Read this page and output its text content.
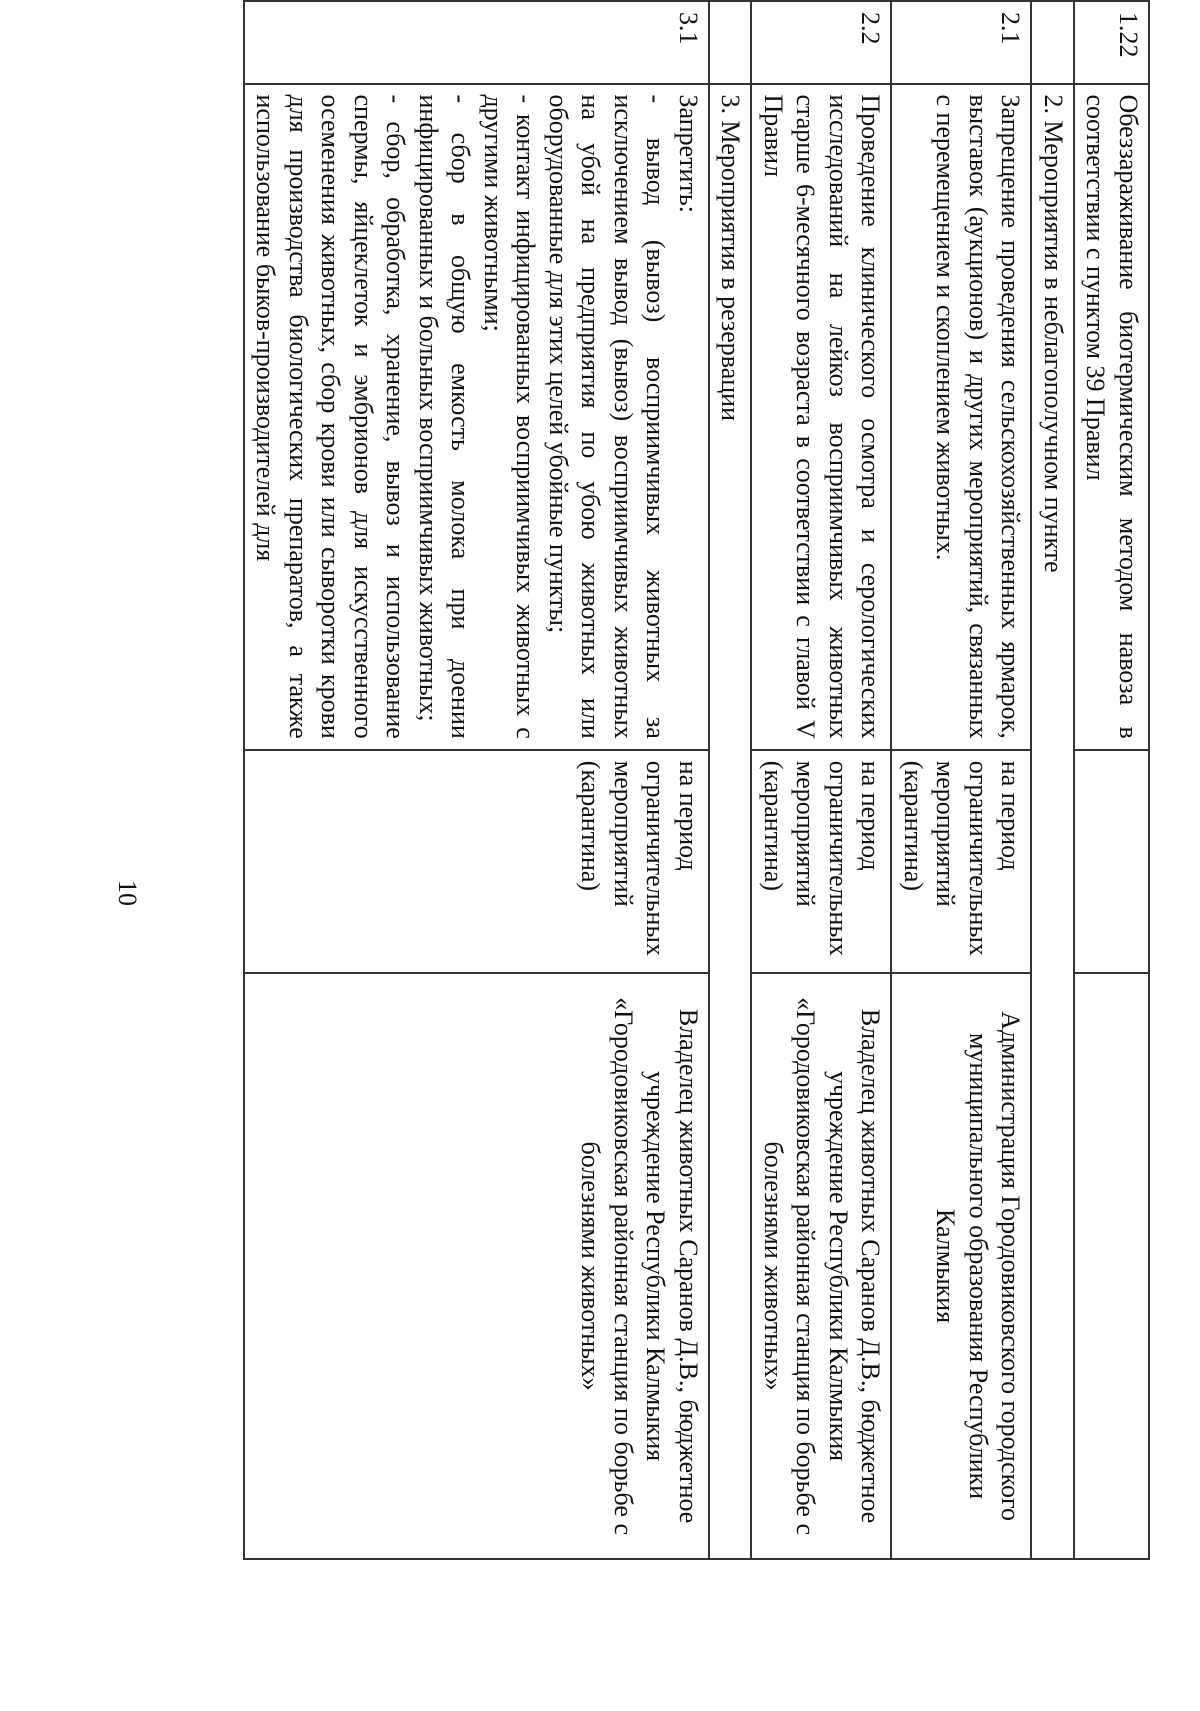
1.22	Обеззараживание биотермическим методом навоза в соответствии с пунктом 39 Правил		
	2. Мероприятия в неблагополучном пункте		
2.1	Запрещение проведения сельскохозяйственных ярмарок, выставок (аукционов) и других мероприятий, связанных с перемещением и скоплением животных.	на период ограничительных мероприятий (карантина)	Администрация Городовиковского городского муниципального образования Республики Калмыкия
2.2	Проведение клинического осмотра и серологических исследований на лейкоз восприимчивых животных старше 6-месячного возраста в соответствии с главой V Правил	на период ограничительных мероприятий (карантина)	Владелец животных Саранов Д.В., бюджетное учреждение Республики Калмыкия «Городовиковская районная станция по борьбе с болезнями животных»
	3. Мероприятия в резервации		
3.1	Запретить:
- вывод (вывоз) восприимчивых животных за исключением вывод (вывоз) восприимчивых животных на убой на предприятия по убою животных или оборудованные для этих целей убойные пункты;
- контакт инфицированных восприимчивых животных с другими животными;
- сбор в общую емкость молока при доении инфицированных и больных восприимчивых животных;
- сбор, обработка, хранение, вывоз и использование спермы, яйцеклеток и эмбрионов для искусственного осеменения животных, сбор крови или сыворотки крови для производства биологических препаратов, а также использование быков-производителей для	на период ограничительных мероприятий (карантина)	Владелец животных Саранов Д.В., бюджетное учреждение Республики Калмыкия «Городовиковская районная станция по борьбе с болезнями животных»
10
